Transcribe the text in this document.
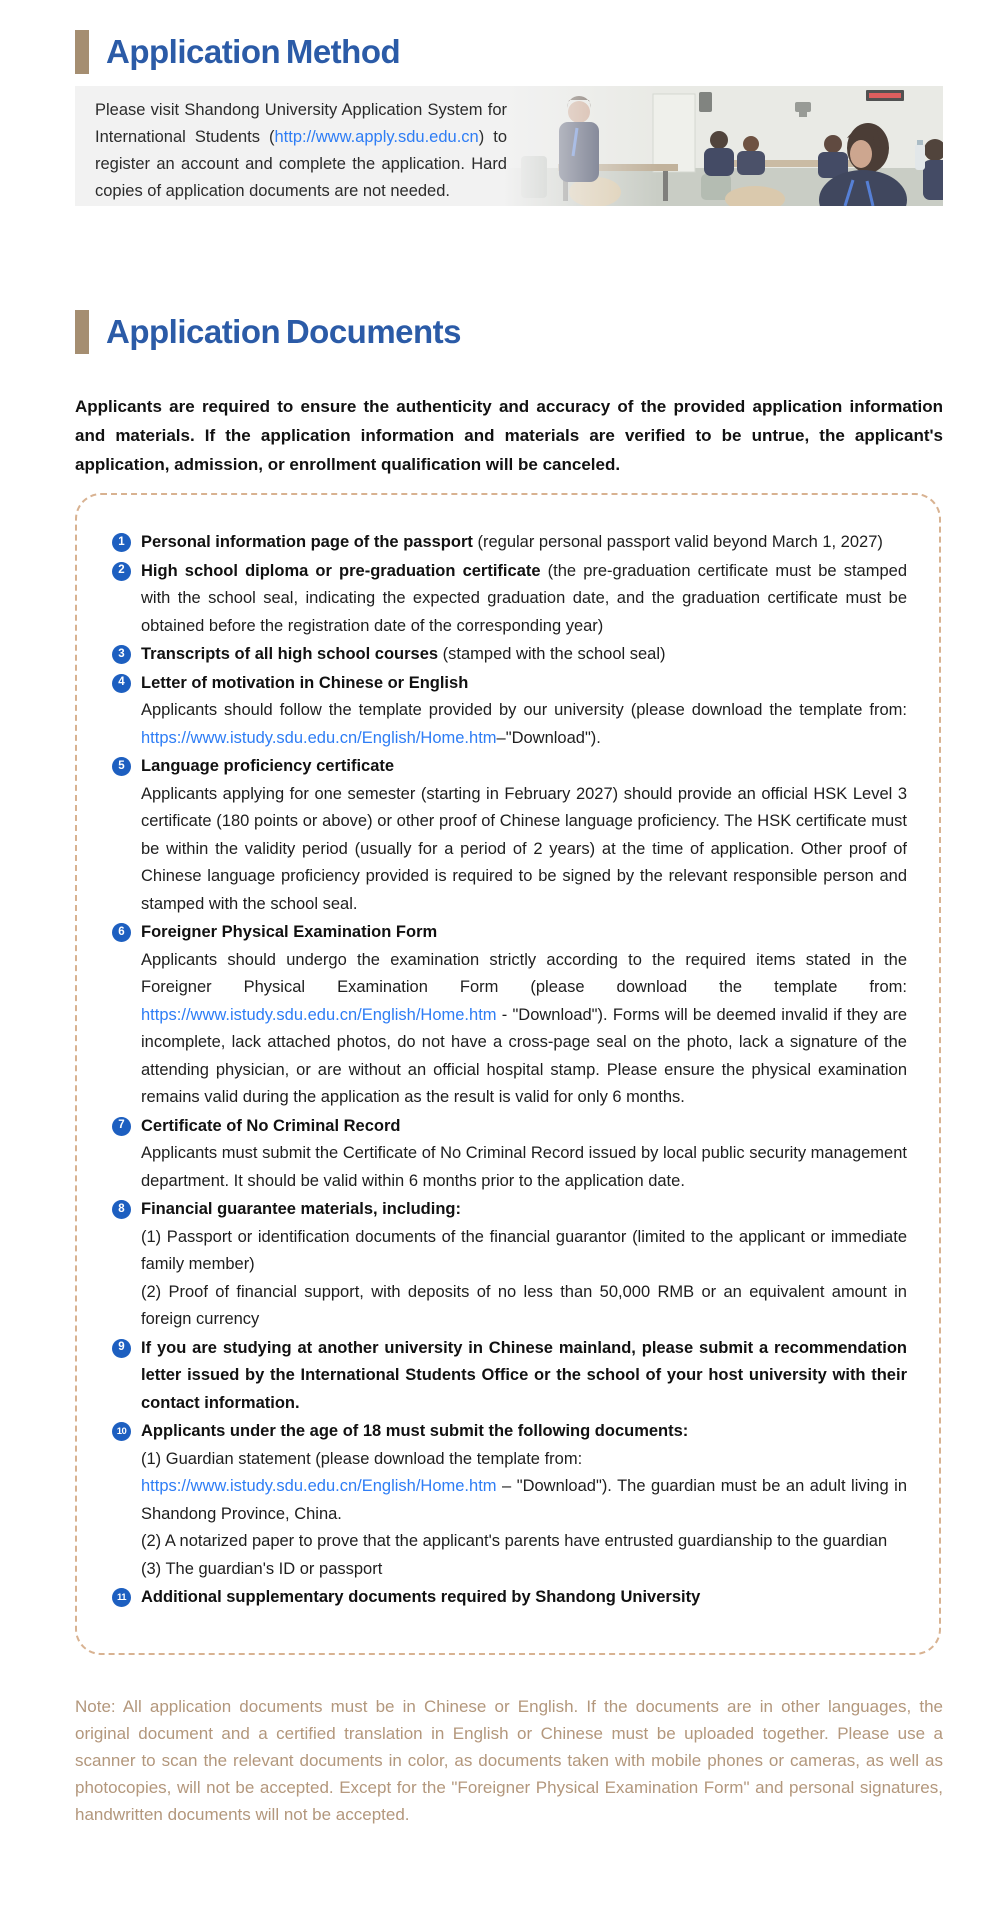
Application Method

Please visit Shandong University Application System for International Students (http://www.apply.sdu.edu.cn) to register an account and complete the application. Hard copies of application documents are not needed.

Application Documents

Applicants are required to ensure the authenticity and accuracy of the provided application information and materials. If the application information and materials are verified to be untrue, the applicant's application, admission, or enrollment qualification will be canceled.

1 Personal information page of the passport (regular personal passport valid beyond March 1, 2027)

2 High school diploma or pre-graduation certificate (the pre-graduation certificate must be stamped with the school seal, indicating the expected graduation date, and the graduation certificate must be obtained before the registration date of the corresponding year)

3 Transcripts of all high school courses (stamped with the school seal)

4 Letter of motivation in Chinese or English

Applicants should follow the template provided by our university (please download the template from: https://www.istudy.sdu.edu.cn/English/Home.htm–"Download").

5 Language proficiency certificate

Applicants applying for one semester (starting in February 2027) should provide an official HSK Level 3 certificate (180 points or above) or other proof of Chinese language proficiency. The HSK certificate must be within the validity period (usually for a period of 2 years) at the time of application. Other proof of Chinese language proficiency provided is required to be signed by the relevant responsible person and stamped with the school seal.

6 Foreigner Physical Examination Form

Applicants should undergo the examination strictly according to the required items stated in the Foreigner Physical Examination Form (please download the template from: https://www.istudy.sdu.edu.cn/English/Home.htm - "Download"). Forms will be deemed invalid if they are incomplete, lack attached photos, do not have a cross-page seal on the photo, lack a signature of the attending physician, or are without an official hospital stamp. Please ensure the physical examination remains valid during the application as the result is valid for only 6 months.

7 Certificate of No Criminal Record

Applicants must submit the Certificate of No Criminal Record issued by local public security management department. It should be valid within 6 months prior to the application date.

8 Financial guarantee materials, including:

(1) Passport or identification documents of the financial guarantor (limited to the applicant or immediate family member)

(2) Proof of financial support, with deposits of no less than 50,000 RMB or an equivalent amount in foreign currency

9 If you are studying at another university in Chinese mainland, please submit a recommendation letter issued by the International Students Office or the school of your host university with their contact information.

10 Applicants under the age of 18 must submit the following documents:

(1) Guardian statement (please download the template from:

https://www.istudy.sdu.edu.cn/English/Home.htm – "Download"). The guardian must be an adult living in Shandong Province, China.

(2) A notarized paper to prove that the applicant's parents have entrusted guardianship to the guardian

(3) The guardian's ID or passport

11 Additional supplementary documents required by Shandong University

Note: All application documents must be in Chinese or English. If the documents are in other languages, the original document and a certified translation in English or Chinese must be uploaded together. Please use a scanner to scan the relevant documents in color, as documents taken with mobile phones or cameras, as well as photocopies, will not be accepted. Except for the "Foreigner Physical Examination Form" and personal signatures, handwritten documents will not be accepted.
